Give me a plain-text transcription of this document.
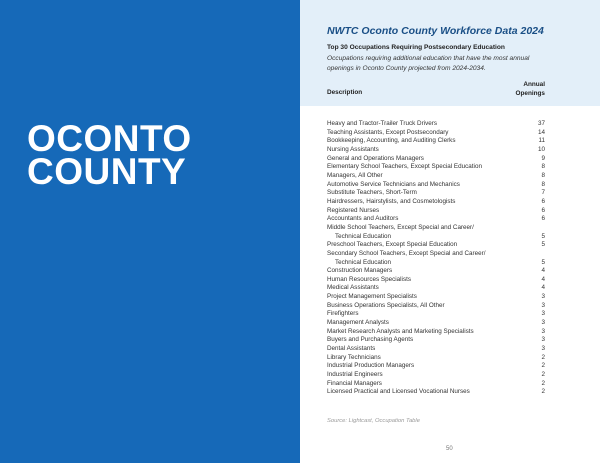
OCONTO
COUNTY
NWTC Oconto County Workforce Data 2024

Top 30 Occupations Requiring Postsecondary Education

Occupations requiring additional education that have the most annual openings in Oconto County projected from 2024-2034.

Description
Annual
Openings
Heavy and Tractor-Trailer Truck Drivers	37
Teaching Assistants, Except Postsecondary	14
Bookkeeping, Accounting, and Auditing Clerks	11
Nursing Assistants	10
General and Operations Managers	9
Elementary School Teachers, Except Special Education	8
Managers, All Other	8
Automotive Service Technicians and Mechanics	8
Substitute Teachers, Short-Term	7
Hairdressers, Hairstylists, and Cosmetologists	6
Registered Nurses	6
Accountants and Auditors	6
Middle School Teachers, Except Special and Career/
Technical Education	5
Preschool Teachers, Except Special Education	5
Secondary School Teachers, Except Special and Career/
Technical Education	5
Construction Managers	4
Human Resources Specialists	4
Medical Assistants	4
Project Management Specialists	3
Business Operations Specialists, All Other	3
Firefighters	3
Management Analysts	3
Market Research Analysts and Marketing Specialists	3
Buyers and Purchasing Agents	3
Dental Assistants	3
Library Technicians	2
Industrial Production Managers	2
Industrial Engineers	2
Financial Managers	2
Licensed Practical and Licensed Vocational Nurses	2

Source: Lightcast, Occupation Table

50
